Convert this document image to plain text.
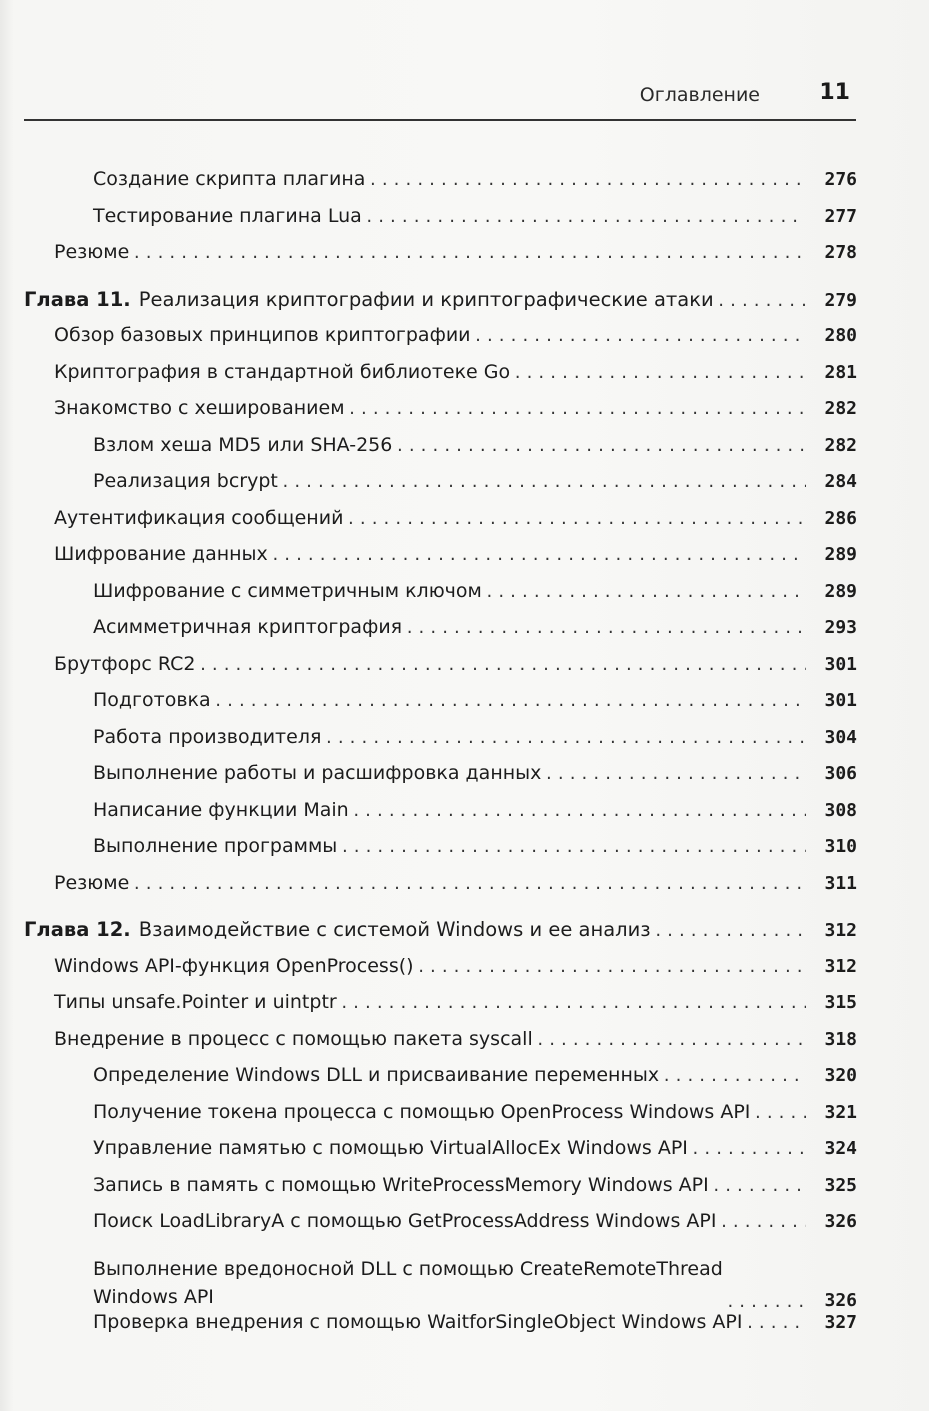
Оглавление	11
Создание скрипта плагина .....	276
Тестирование плагина Lua .....	277
Резюме .....	278
Глава 11. Реализация криптографии и криптографические атаки .....	279
Обзор базовых принципов криптографии .....	280
Криптография в стандартной библиотеке Go .....	281
Знакомство с хешированием .....	282
Взлом хеша MD5 или SHA-256 .....	282
Реализация bcrypt .....	284
Аутентификация сообщений .....	286
Шифрование данных .....	289
Шифрование с симметричным ключом .....	289
Асимметричная криптография .....	293
Брутфорс RC2 .....	301
Подготовка .....	301
Работа производителя .....	304
Выполнение работы и расшифровка данных .....	306
Написание функции Main .....	308
Выполнение программы .....	310
Резюме .....	311
Глава 12. Взаимодействие с системой Windows и ее анализ .....	312
Windows API-функция OpenProcess() .....	312
Типы unsafe.Pointer и uintptr .....	315
Внедрение в процесс с помощью пакета syscall .....	318
Определение Windows DLL и присваивание переменных .....	320
Получение токена процесса с помощью OpenProcess Windows API .....	321
Управление памятью с помощью VirtualAllocEx Windows API .....	324
Запись в память с помощью WriteProcessMemory Windows API .....	325
Поиск LoadLibraryA с помощью GetProcessAddress Windows API .....	326
Выполнение вредоносной DLL с помощью CreateRemoteThread
Windows API .....	326
Проверка внедрения с помощью WaitforSingleObject Windows API .....	327
